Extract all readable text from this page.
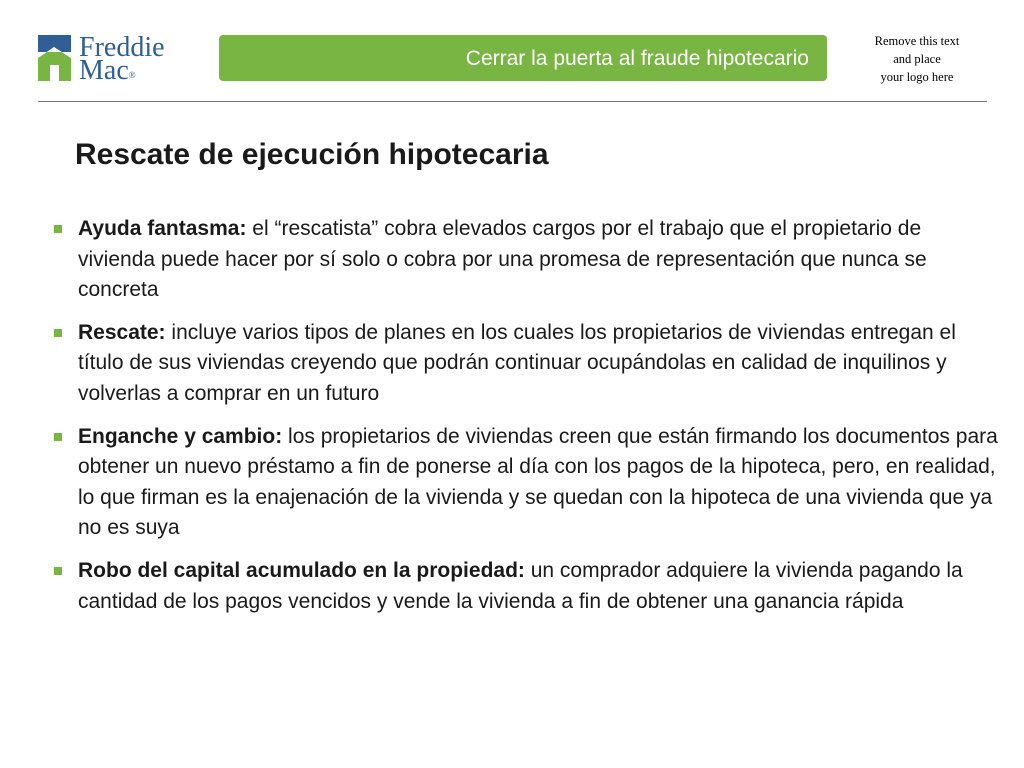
Freddie
Mac®
Cerrar la puerta al fraude hipotecario
Remove this text
and place
your logo here
Rescate de ejecución hipotecaria
Ayuda fantasma: el “rescatista” cobra elevados cargos por el trabajo que el propietario de vivienda puede hacer por sí solo o cobra por una promesa de representación que nunca se concreta
Rescate: incluye varios tipos de planes en los cuales los propietarios de viviendas entregan el título de sus viviendas creyendo que podrán continuar ocupándolas en calidad de inquilinos y volverlas a comprar en un futuro
Enganche y cambio: los propietarios de viviendas creen que están firmando los documentos para obtener un nuevo préstamo a fin de ponerse al día con los pagos de la hipoteca, pero, en realidad, lo que firman es la enajenación de la vivienda y se quedan con la hipoteca de una vivienda que ya no es suya
Robo del capital acumulado en la propiedad: un comprador adquiere la vivienda pagando la cantidad de los pagos vencidos y vende la vivienda a fin de obtener una ganancia rápida
